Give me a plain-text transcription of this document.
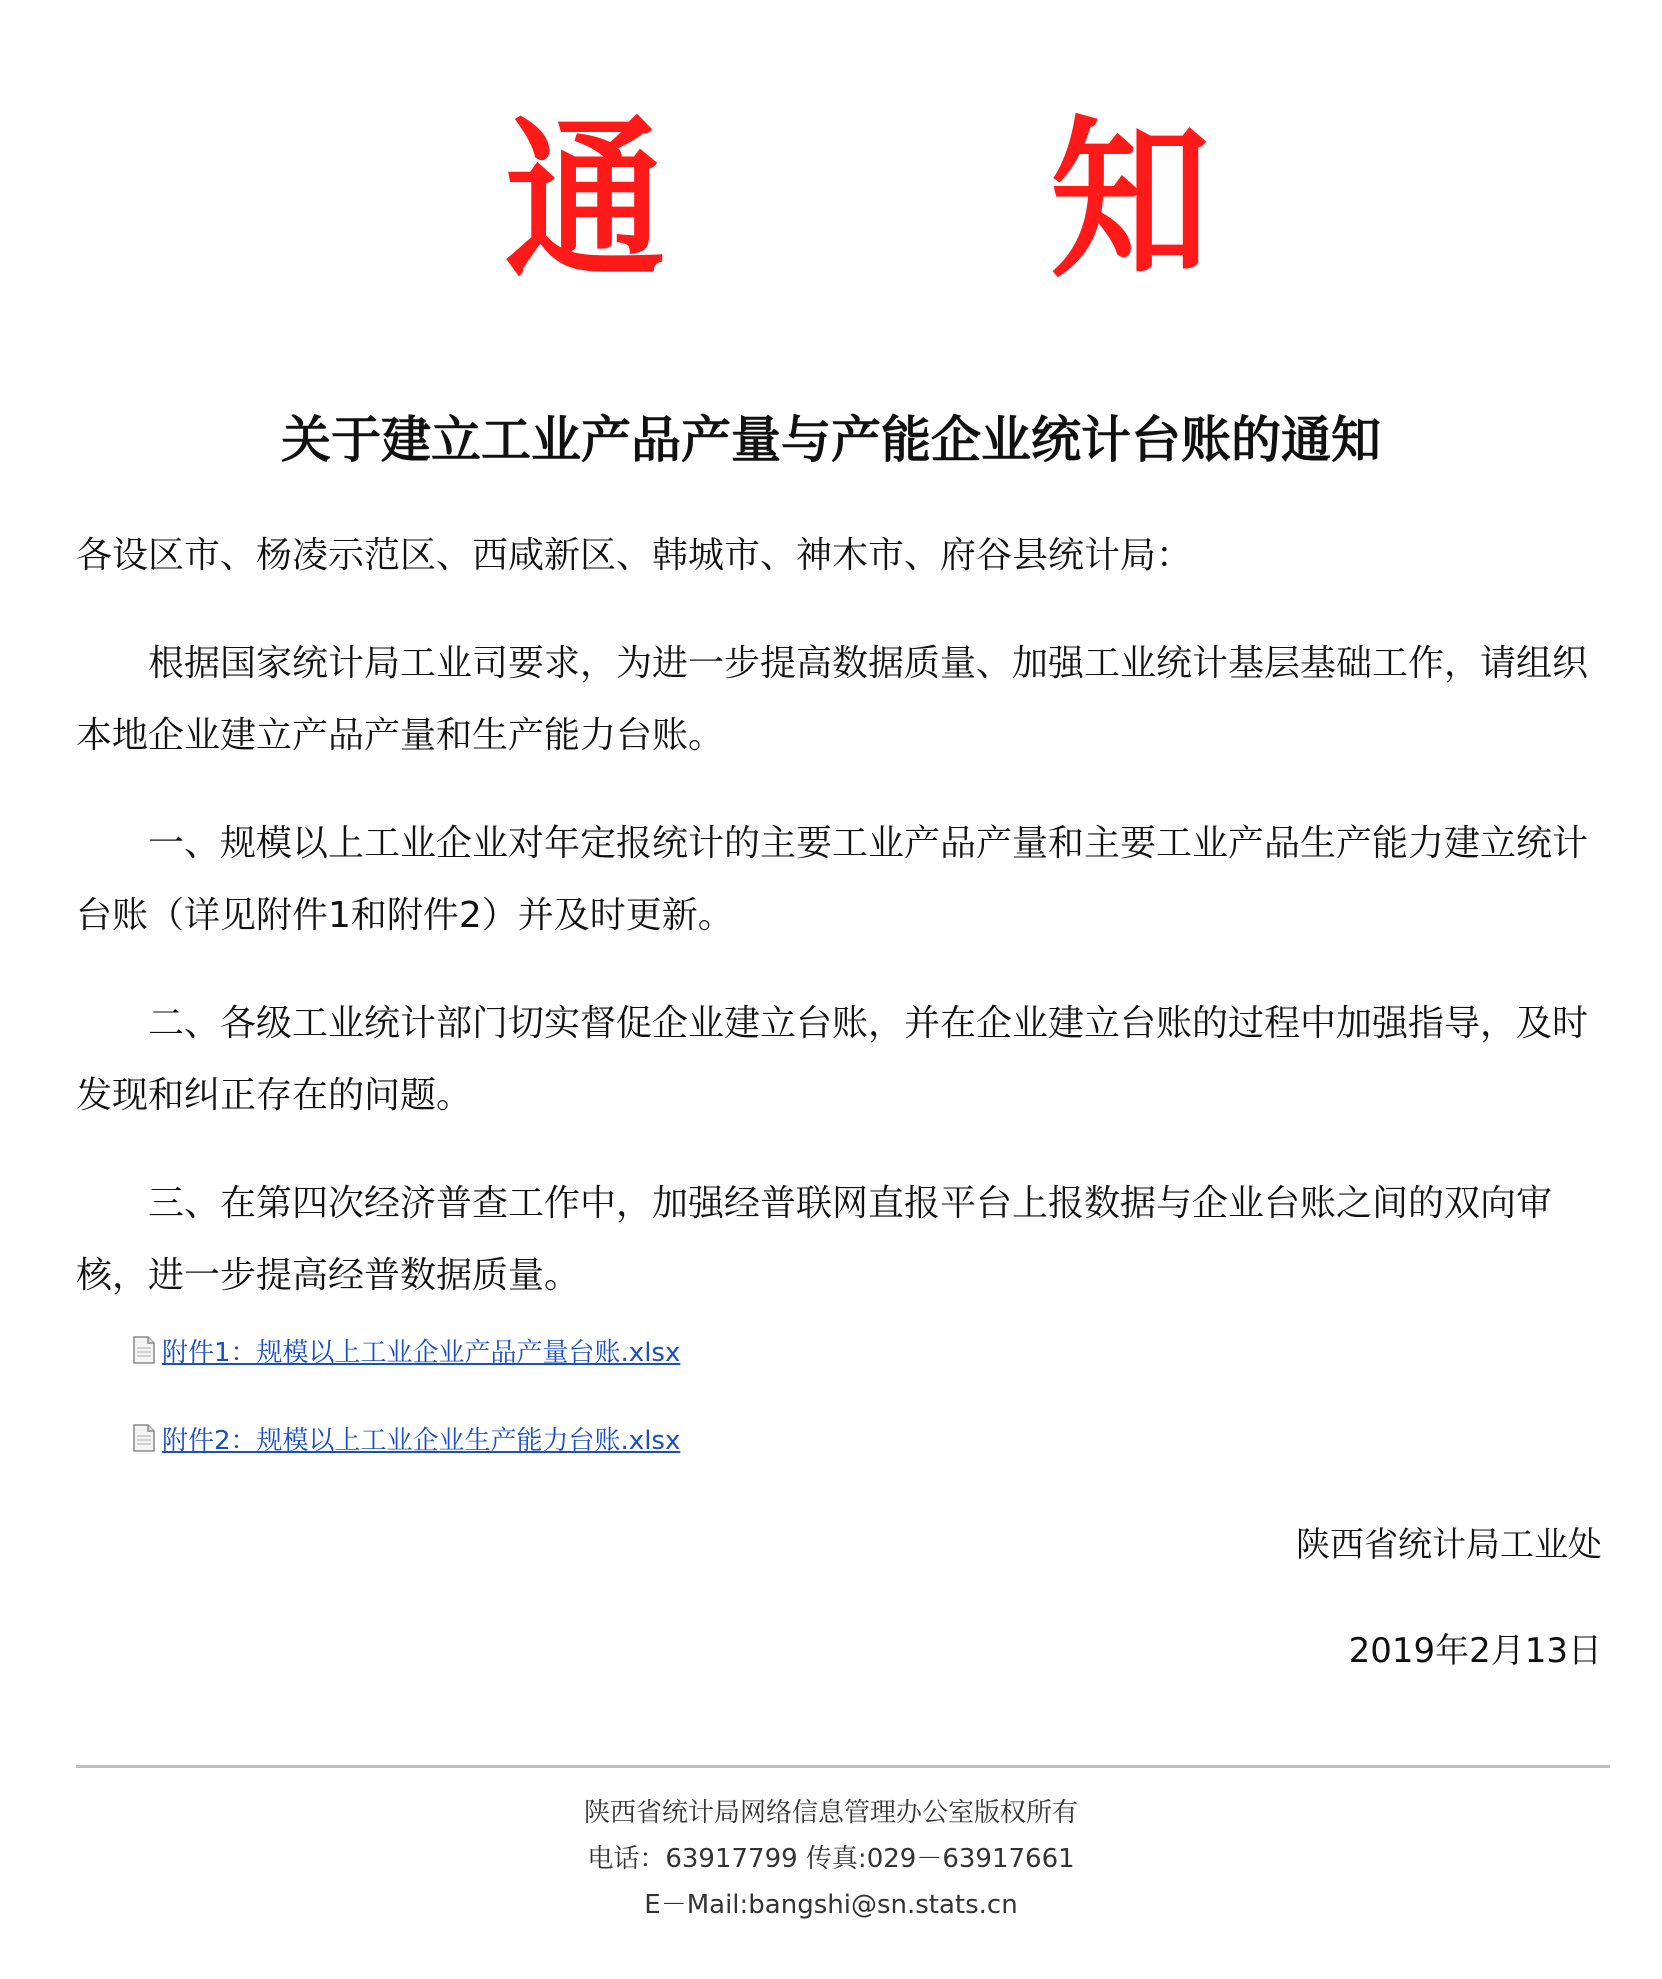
通 知
关于建立工业产品产量与产能企业统计台账的通知

各设区市、杨凌示范区、西咸新区、韩城市、神木市、府谷县统计局：

根据国家统计局工业司要求，为进一步提高数据质量、加强工业统计基层基础工作，请组织本地企业建立产品产量和生产能力台账。

一、规模以上工业企业对年定报统计的主要工业产品产量和主要工业产品生产能力建立统计台账（详见附件1和附件2）并及时更新。

二、各级工业统计部门切实督促企业建立台账，并在企业建立台账的过程中加强指导，及时发现和纠正存在的问题。

三、在第四次经济普查工作中，加强经普联网直报平台上报数据与企业台账之间的双向审核，进一步提高经普数据质量。

附件1：规模以上工业企业产品产量台账.xlsx
附件2：规模以上工业企业生产能力台账.xlsx
陕西省统计局工业处
2019年2月13日
陕西省统计局网络信息管理办公室版权所有
电话：63917799 传真:029－63917661
E－Mail:bangshi@sn.stats.cn
